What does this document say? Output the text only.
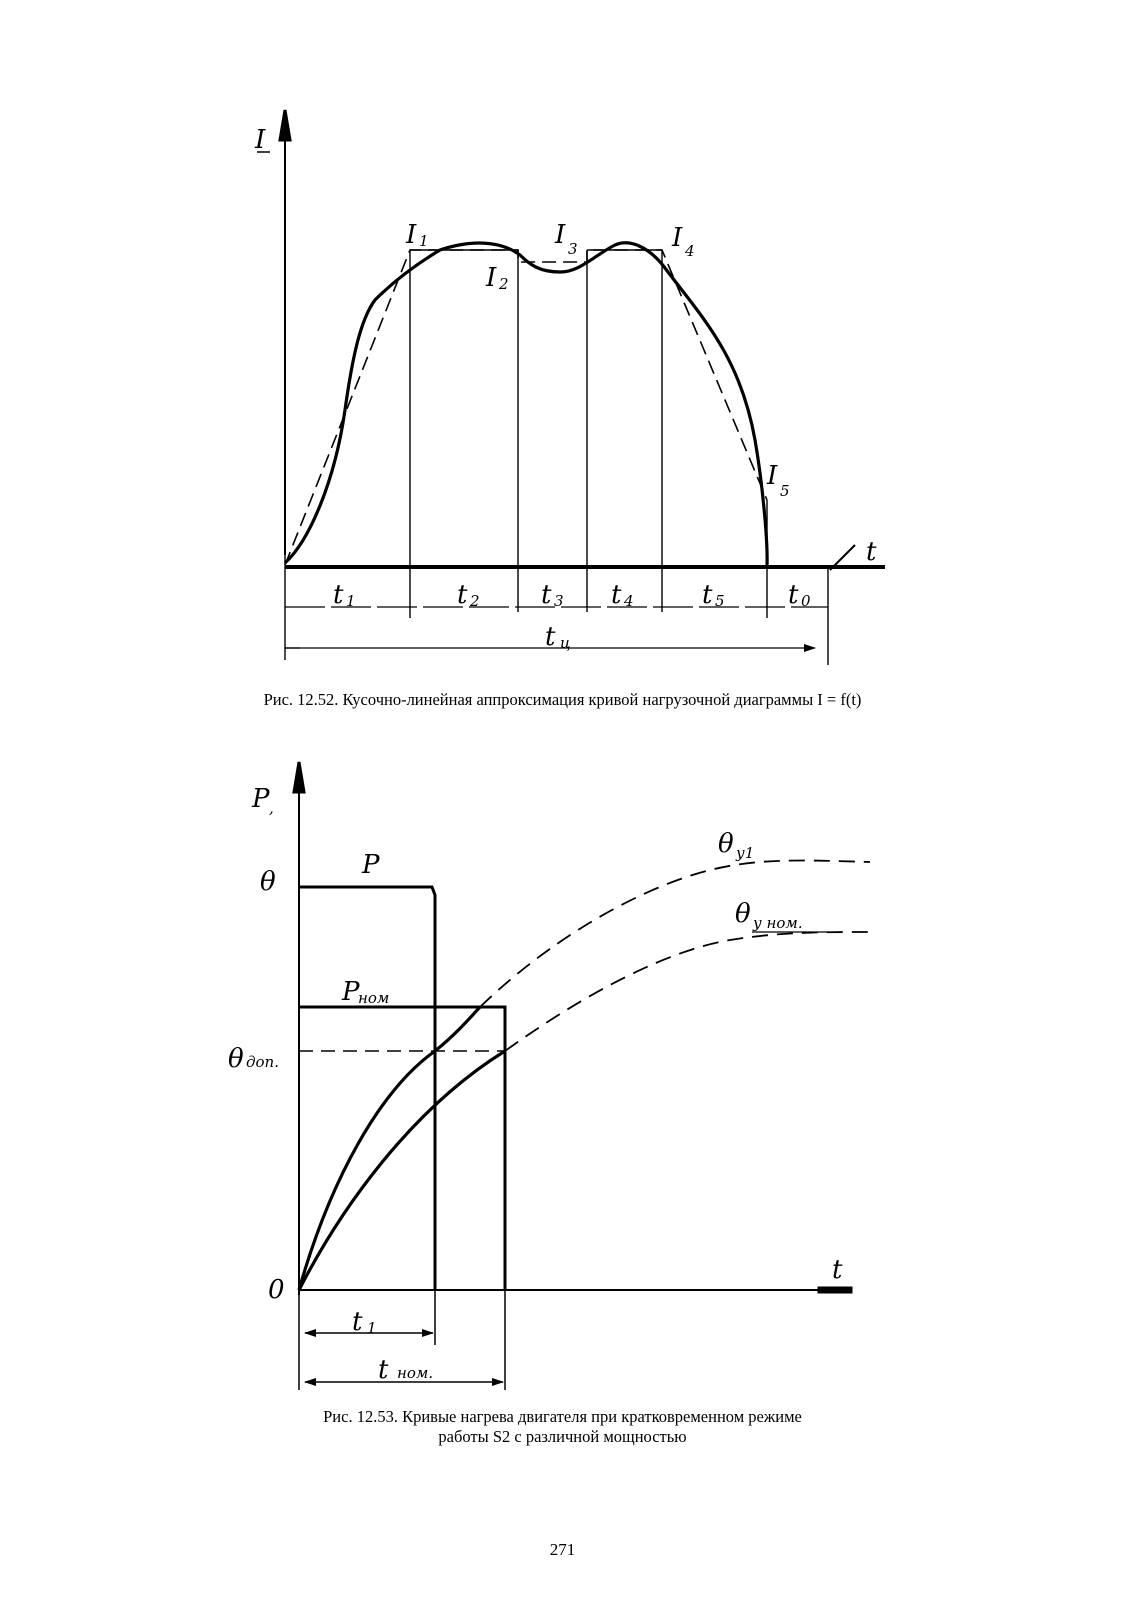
I
t
I 1
I 2
I 3	I 4
I 5
t 1	t 2 t 3 t 4	t 5 t 0
t ц
Рис. 12.52. Кусочно-линейная аппроксимация кривой нагрузочной диаграммы I = f(t)
P ,
θ
0
t
P
P
ном
θ доп.
θ у1
θ у ном.
t 1
t ном.
Рис. 12.53. Кривые нагрева двигателя при кратковременном режиме
работы S2 с различной мощностью
271
